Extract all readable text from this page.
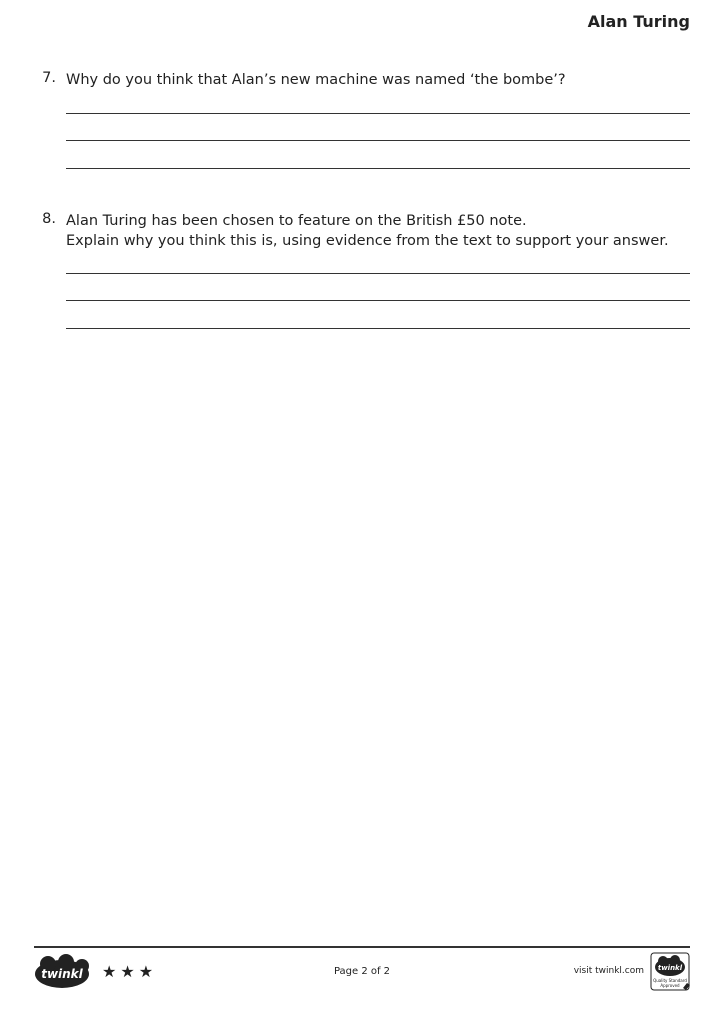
Alan Turing
7. Why do you think that Alan’s new machine was named ‘the bombe’?
8. Alan Turing has been chosen to feature on the British £50 note.
Explain why you think this is, using evidence from the text to support your answer.
twinkl ★ ★ ★	Page 2 of 2	visit twinkl.com twinkl
Quality Standard
Approved
